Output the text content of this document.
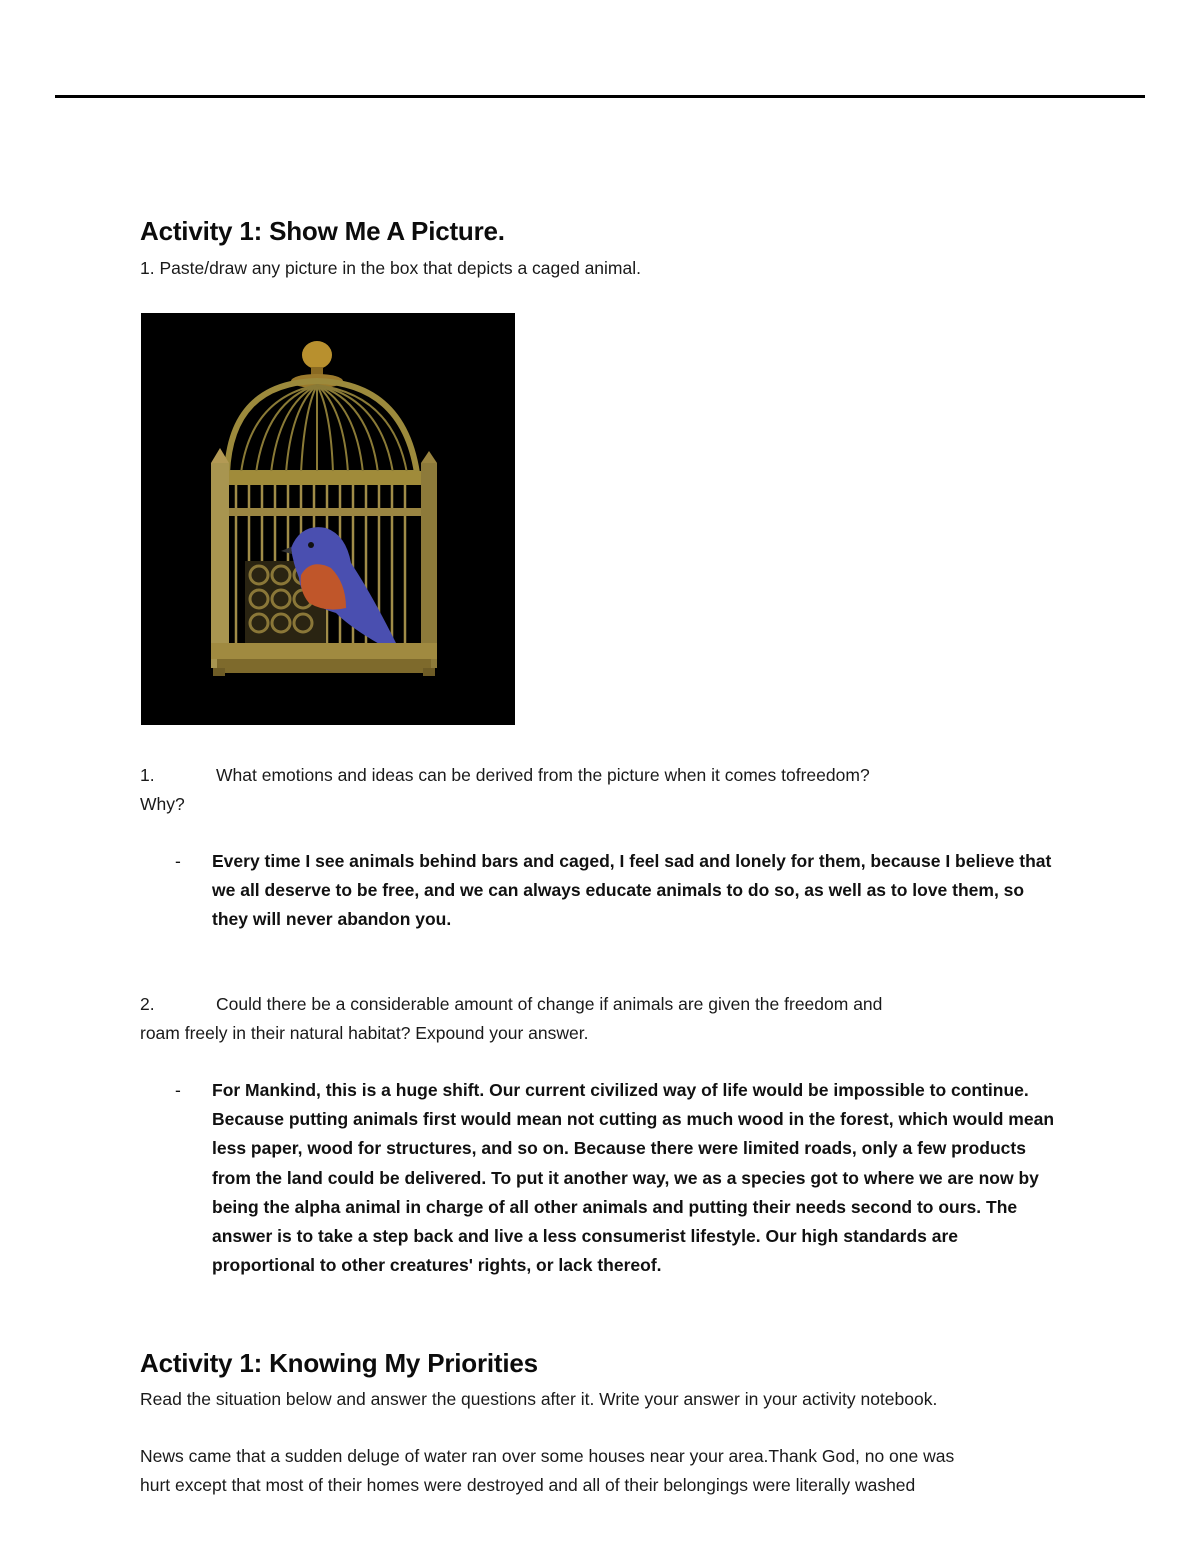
Activity 1: Show Me A Picture.
1. Paste/draw any picture in the box that depicts a caged animal.
1.	What emotions and ideas can be derived from the picture when it comes tofreedom?
Why?
- Every time I see animals behind bars and caged, I feel sad and lonely for them, because I believe that we all deserve to be free, and we can always educate animals to do so, as well as to love them, so they will never abandon you.
2.	Could there be a considerable amount of change if animals are given the freedom and
roam freely in their natural habitat? Expound your answer.
- For Mankind, this is a huge shift. Our current civilized way of life would be impossible to continue. Because putting animals first would mean not cutting as much wood in the forest, which would mean less paper, wood for structures, and so on. Because there were limited roads, only a few products from the land could be delivered. To put it another way, we as a species got to where we are now by being the alpha animal in charge of all other animals and putting their needs second to ours. The answer is to take a step back and live a less consumerist lifestyle. Our high standards are proportional to other creatures' rights, or lack thereof.
Activity 1: Knowing My Priorities
Read the situation below and answer the questions after it. Write your answer in your activity notebook.
News came that a sudden deluge of water ran over some houses near your area.Thank God, no one was
hurt except that most of their homes were destroyed and all of their belongings were literally washed
